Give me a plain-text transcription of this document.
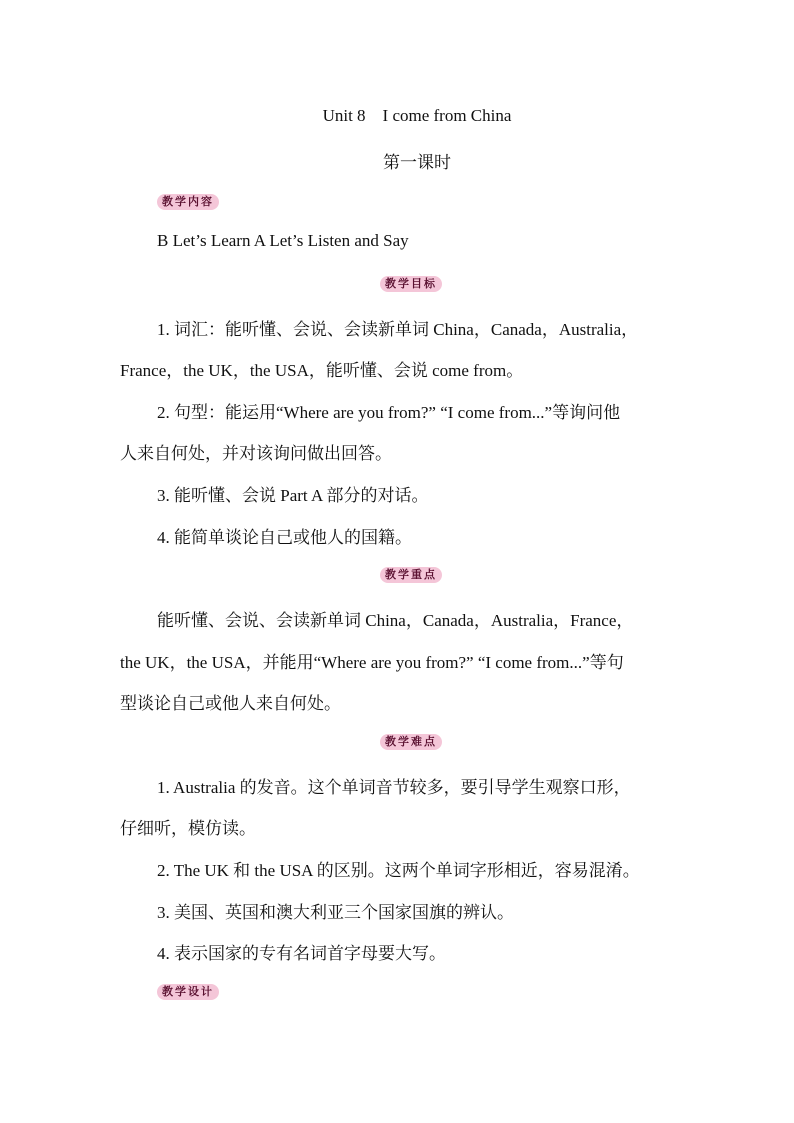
Unit 8    I come from China
第一课时
教学内容
B Let’s Learn A Let’s Listen and Say
教学目标
1. 词汇：能听懂、会说、会读新单词 China，Canada，Australia，
France，the UK，the USA，能听懂、会说 come from。
2. 句型：能运用“Where are you from?” “I come from...”等询问他
人来自何处，并对该询问做出回答。
3. 能听懂、会说 Part A 部分的对话。
4. 能简单谈论自己或他人的国籍。
教学重点
能听懂、会说、会读新单词 China，Canada，Australia，France，
the UK，the USA，并能用“Where are you from?” “I come from...”等句
型谈论自己或他人来自何处。
教学难点
1. Australia 的发音。这个单词音节较多，要引导学生观察口形，
仔细听，模仿读。
2. The UK 和 the USA 的区别。这两个单词字形相近，容易混淆。
3. 美国、英国和澳大利亚三个国家国旗的辨认。
4. 表示国家的专有名词首字母要大写。
教学设计
